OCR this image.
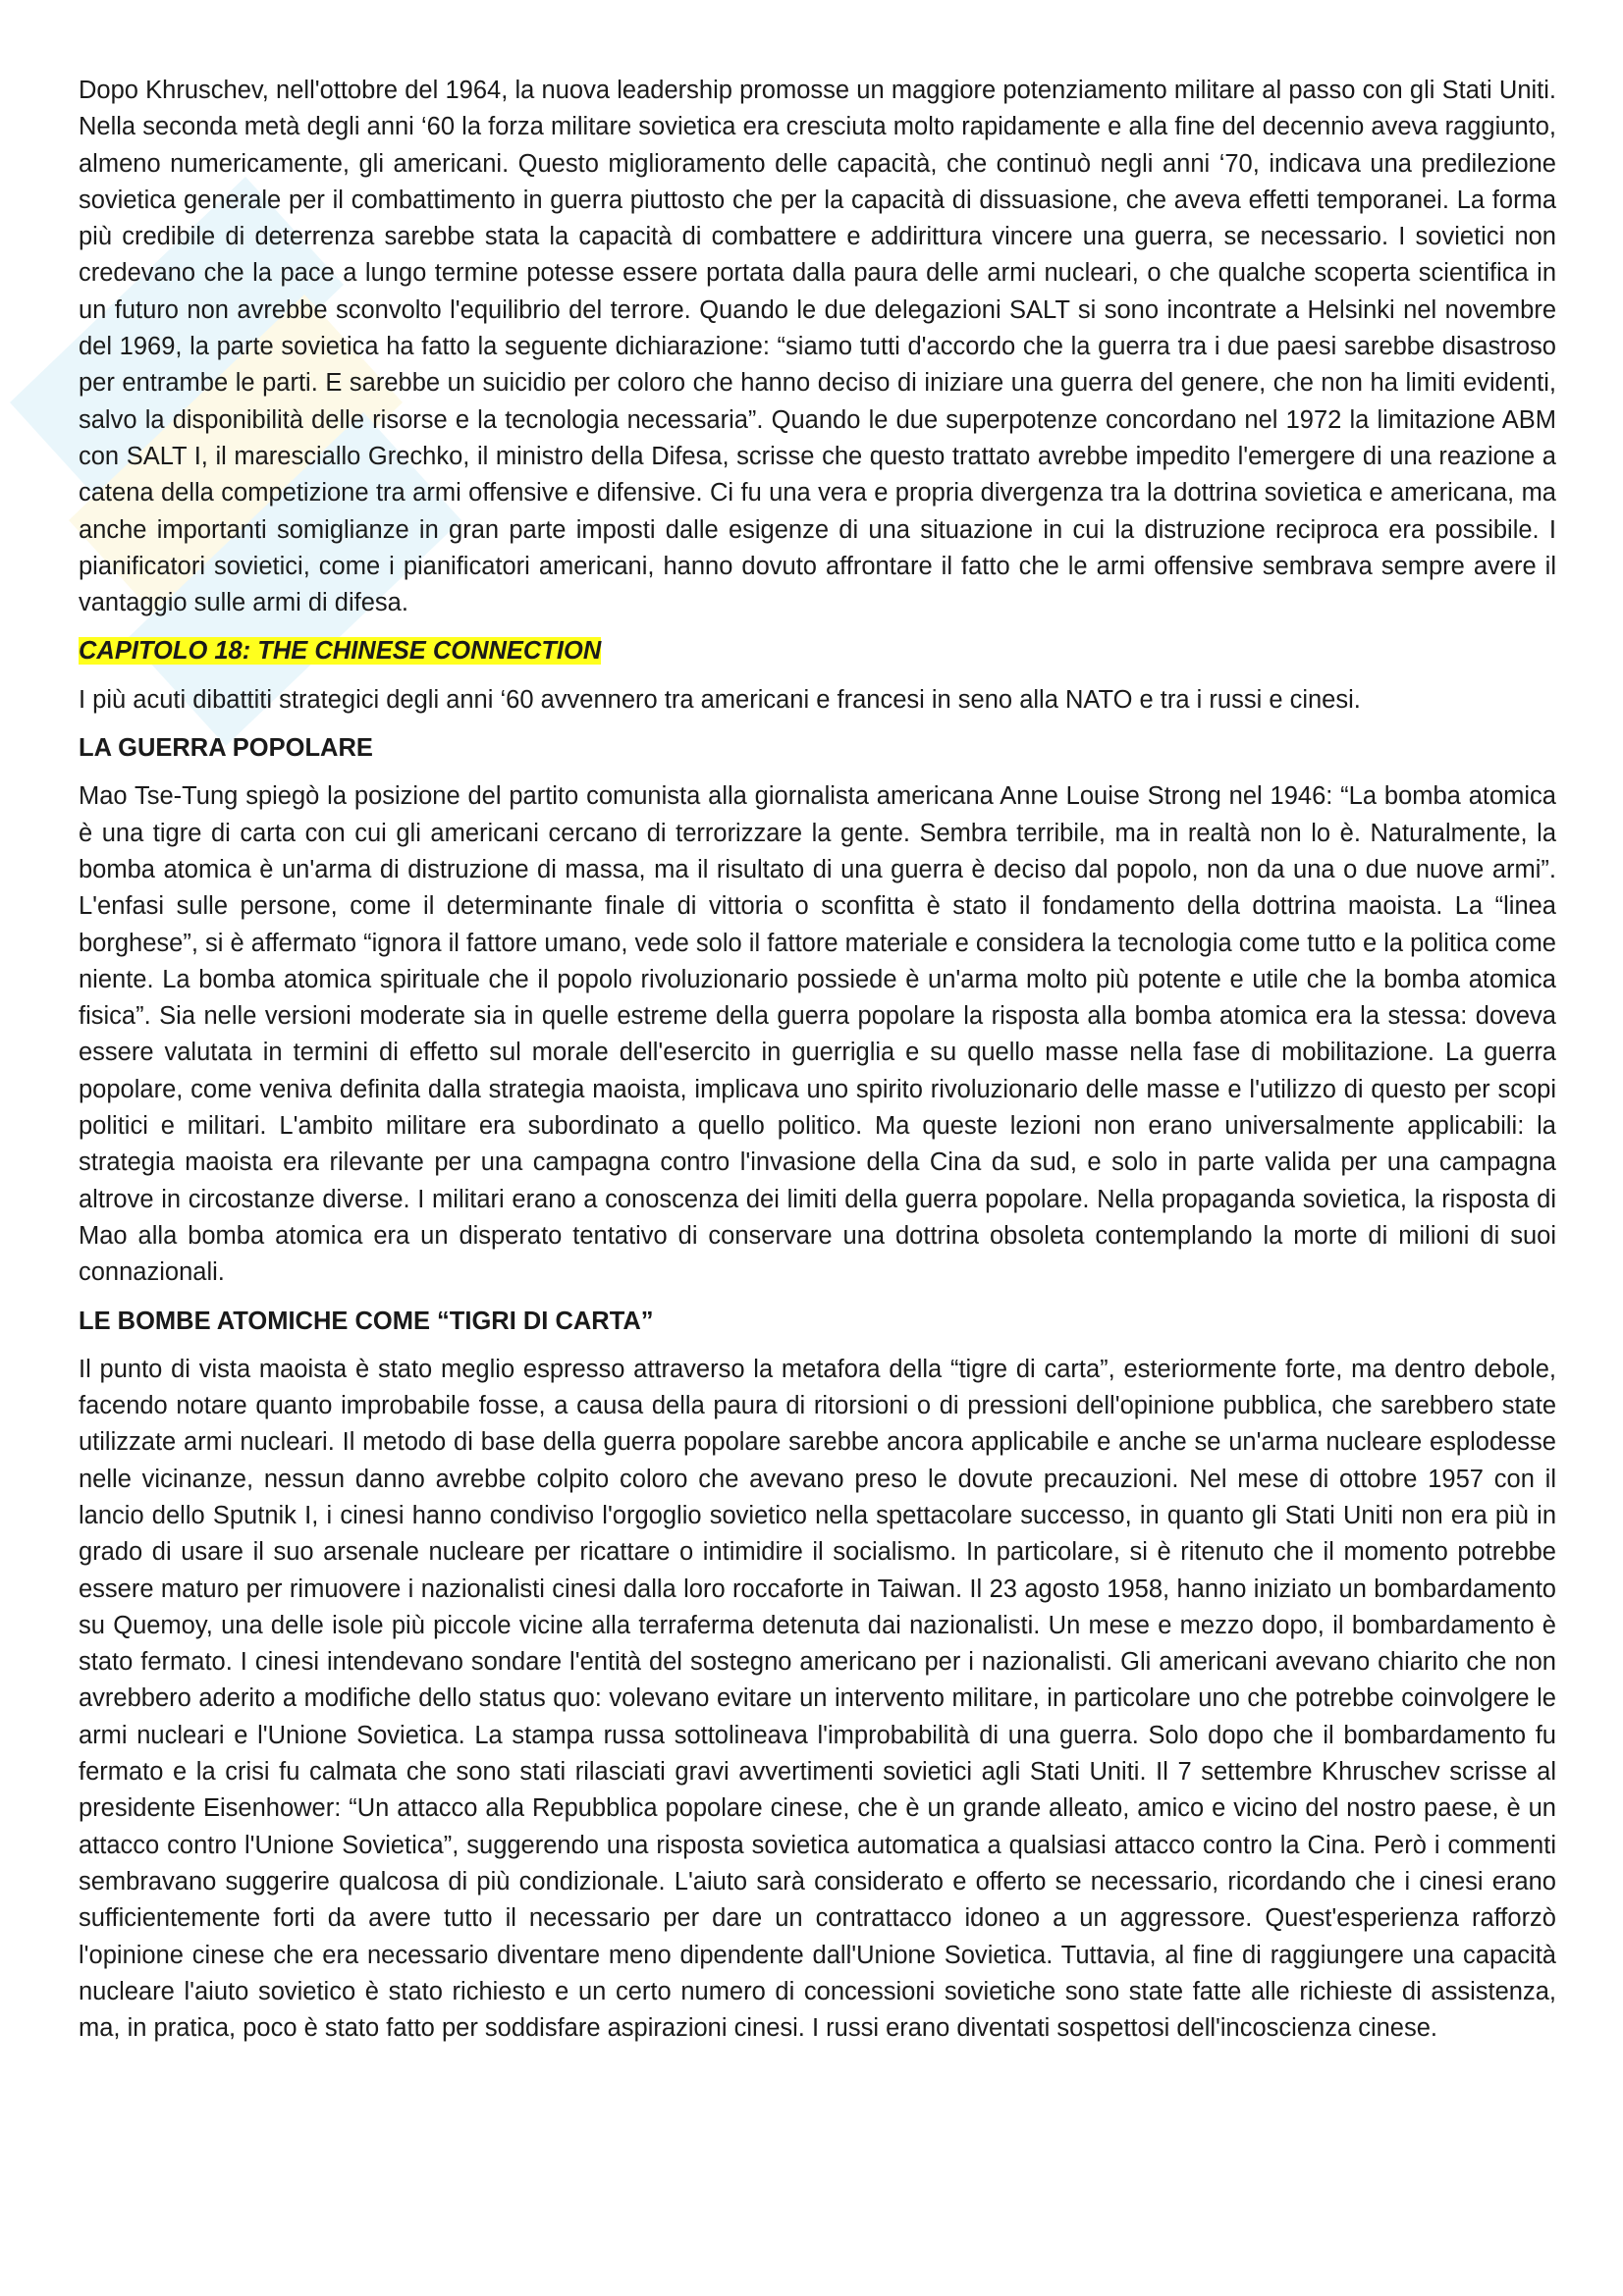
Dopo Khruschev, nell'ottobre del 1964, la nuova leadership promosse un maggiore potenziamento militare al passo con gli Stati Uniti. Nella seconda metà degli anni ‘60 la forza militare sovietica era cresciuta molto rapidamente e alla fine del decennio aveva raggiunto, almeno numericamente, gli americani. Questo miglioramento delle capacità, che continuò negli anni ‘70, indicava una predilezione sovietica generale per il combattimento in guerra piuttosto che per la capacità di dissuasione, che aveva effetti temporanei. La forma più credibile di deterrenza sarebbe stata la capacità di combattere e addirittura vincere una guerra, se necessario. I sovietici non credevano che la pace a lungo termine potesse essere portata dalla paura delle armi nucleari, o che qualche scoperta scientifica in un futuro non avrebbe sconvolto l'equilibrio del terrore. Quando le due delegazioni SALT si sono incontrate a Helsinki nel novembre del 1969, la parte sovietica ha fatto la seguente dichiarazione: “siamo tutti d'accordo che la guerra tra i due paesi sarebbe disastroso per entrambe le parti. E sarebbe un suicidio per coloro che hanno deciso di iniziare una guerra del genere, che non ha limiti evidenti, salvo la disponibilità delle risorse e la tecnologia necessaria”. Quando le due superpotenze concordano nel 1972 la limitazione ABM con SALT I, il maresciallo Grechko, il ministro della Difesa, scrisse che questo trattato avrebbe impedito l'emergere di una reazione a catena della competizione tra armi offensive e difensive. Ci fu una vera e propria divergenza tra la dottrina sovietica e americana, ma anche importanti somiglianze in gran parte imposti dalle esigenze di una situazione in cui la distruzione reciproca era possibile. I pianificatori sovietici, come i pianificatori americani, hanno dovuto affrontare il fatto che le armi offensive sembrava sempre avere il vantaggio sulle armi di difesa.

CAPITOLO 18: THE CHINESE CONNECTION

I più acuti dibattiti strategici degli anni ‘60 avvennero tra americani e francesi in seno alla NATO e tra i russi e cinesi.

LA GUERRA POPOLARE

Mao Tse-Tung spiegò la posizione del partito comunista alla giornalista americana Anne Louise Strong nel 1946: “La bomba atomica è una tigre di carta con cui gli americani cercano di terrorizzare la gente. Sembra terribile, ma in realtà non lo è. Naturalmente, la bomba atomica è un'arma di distruzione di massa, ma il risultato di una guerra è deciso dal popolo, non da una o due nuove armi”. L'enfasi sulle persone, come il determinante finale di vittoria o sconfitta è stato il fondamento della dottrina maoista. La “linea borghese”, si è affermato “ignora il fattore umano, vede solo il fattore materiale e considera la tecnologia come tutto e la politica come niente. La bomba atomica spirituale che il popolo rivoluzionario possiede è un'arma molto più potente e utile che la bomba atomica fisica”. Sia nelle versioni moderate sia in quelle estreme della guerra popolare la risposta alla bomba atomica era la stessa: doveva essere valutata in termini di effetto sul morale dell'esercito in guerriglia e su quello masse nella fase di mobilitazione. La guerra popolare, come veniva definita dalla strategia maoista, implicava uno spirito rivoluzionario delle masse e l'utilizzo di questo per scopi politici e militari. L'ambito militare era subordinato a quello politico. Ma queste lezioni non erano universalmente applicabili: la strategia maoista era rilevante per una campagna contro l'invasione della Cina da sud, e solo in parte valida per una campagna altrove in circostanze diverse. I militari erano a conoscenza dei limiti della guerra popolare. Nella propaganda sovietica, la risposta di Mao alla bomba atomica era un disperato tentativo di conservare una dottrina obsoleta contemplando la morte di milioni di suoi connazionali.

LE BOMBE ATOMICHE COME “TIGRI DI CARTA”

Il punto di vista maoista è stato meglio espresso attraverso la metafora della “tigre di carta”, esteriormente forte, ma dentro debole, facendo notare quanto improbabile fosse, a causa della paura di ritorsioni o di pressioni dell'opinione pubblica, che sarebbero state utilizzate armi nucleari. Il metodo di base della guerra popolare sarebbe ancora applicabile e anche se un'arma nucleare esplodesse nelle vicinanze, nessun danno avrebbe colpito coloro che avevano preso le dovute precauzioni. Nel mese di ottobre 1957 con il lancio dello Sputnik I, i cinesi hanno condiviso l'orgoglio sovietico nella spettacolare successo, in quanto gli Stati Uniti non era più in grado di usare il suo arsenale nucleare per ricattare o intimidire il socialismo. In particolare, si è ritenuto che il momento potrebbe essere maturo per rimuovere i nazionalisti cinesi dalla loro roccaforte in Taiwan. Il 23 agosto 1958, hanno iniziato un bombardamento su Quemoy, una delle isole più piccole vicine alla terraferma detenuta dai nazionalisti. Un mese e mezzo dopo, il bombardamento è stato fermato. I cinesi intendevano sondare l'entità del sostegno americano per i nazionalisti. Gli americani avevano chiarito che non avrebbero aderito a modifiche dello status quo: volevano evitare un intervento militare, in particolare uno che potrebbe coinvolgere le armi nucleari e l'Unione Sovietica. La stampa russa sottolineava l'improbabilità di una guerra. Solo dopo che il bombardamento fu fermato e la crisi fu calmata che sono stati rilasciati gravi avvertimenti sovietici agli Stati Uniti. Il 7 settembre Khruschev scrisse al presidente Eisenhower: “Un attacco alla Repubblica popolare cinese, che è un grande alleato, amico e vicino del nostro paese, è un attacco contro l'Unione Sovietica”, suggerendo una risposta sovietica automatica a qualsiasi attacco contro la Cina. Però i commenti sembravano suggerire qualcosa di più condizionale. L'aiuto sarà considerato e offerto se necessario, ricordando che i cinesi erano sufficientemente forti da avere tutto il necessario per dare un contrattacco idoneo a un aggressore. Quest'esperienza rafforzò l'opinione cinese che era necessario diventare meno dipendente dall'Unione Sovietica. Tuttavia, al fine di raggiungere una capacità nucleare l'aiuto sovietico è stato richiesto e un certo numero di concessioni sovietiche sono state fatte alle richieste di assistenza, ma, in pratica, poco è stato fatto per soddisfare aspirazioni cinesi. I russi erano diventati sospettosi dell'incoscienza cinese.
